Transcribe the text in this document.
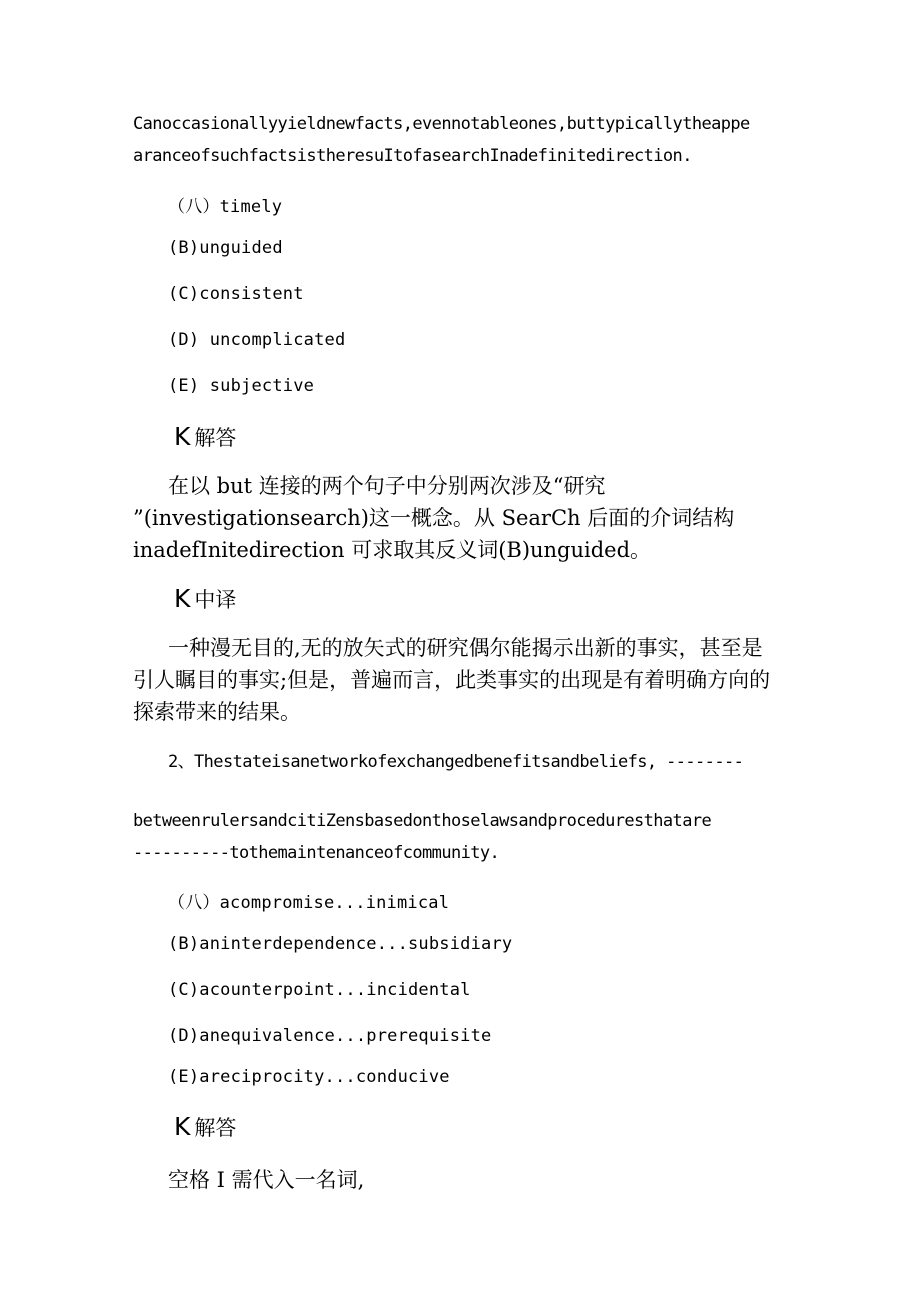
Canoccasionallyyieldnewfacts,evennotableones,buttypicallytheappe

aranceofsuchfactsistheresuItofasearchInadefinitedirection.

（八）timely

(B)unguided

(C)consistent

(D) uncomplicated

(E) subjective

K 解答

在以 but 连接的两个句子中分别两次涉及“研究

”(investigationsearch)这一概念。从 SearCh 后面的介词结构

inadefInitedirection 可求取其反义词(B)unguided。

K 中译

一种漫无目的,无的放矢式的研究偶尔能揭示出新的事实，甚至是

引人瞩目的事实;但是，普遍而言，此类事实的出现是有着明确方向的

探索带来的结果。

2、Thestateisanetworkofexchangedbenefitsandbeliefs, --------

betweenrulersandcitiZensbasedonthoselawsandproceduresthatare

----------tothemaintenanceofcommunity.

（八）acompromise...inimical

(B)aninterdependence...subsidiary

(C)acounterpoint...incidental

(D)anequivalence...prerequisite

(E)areciprocity...conducive

K 解答

空格 I 需代入一名词,
